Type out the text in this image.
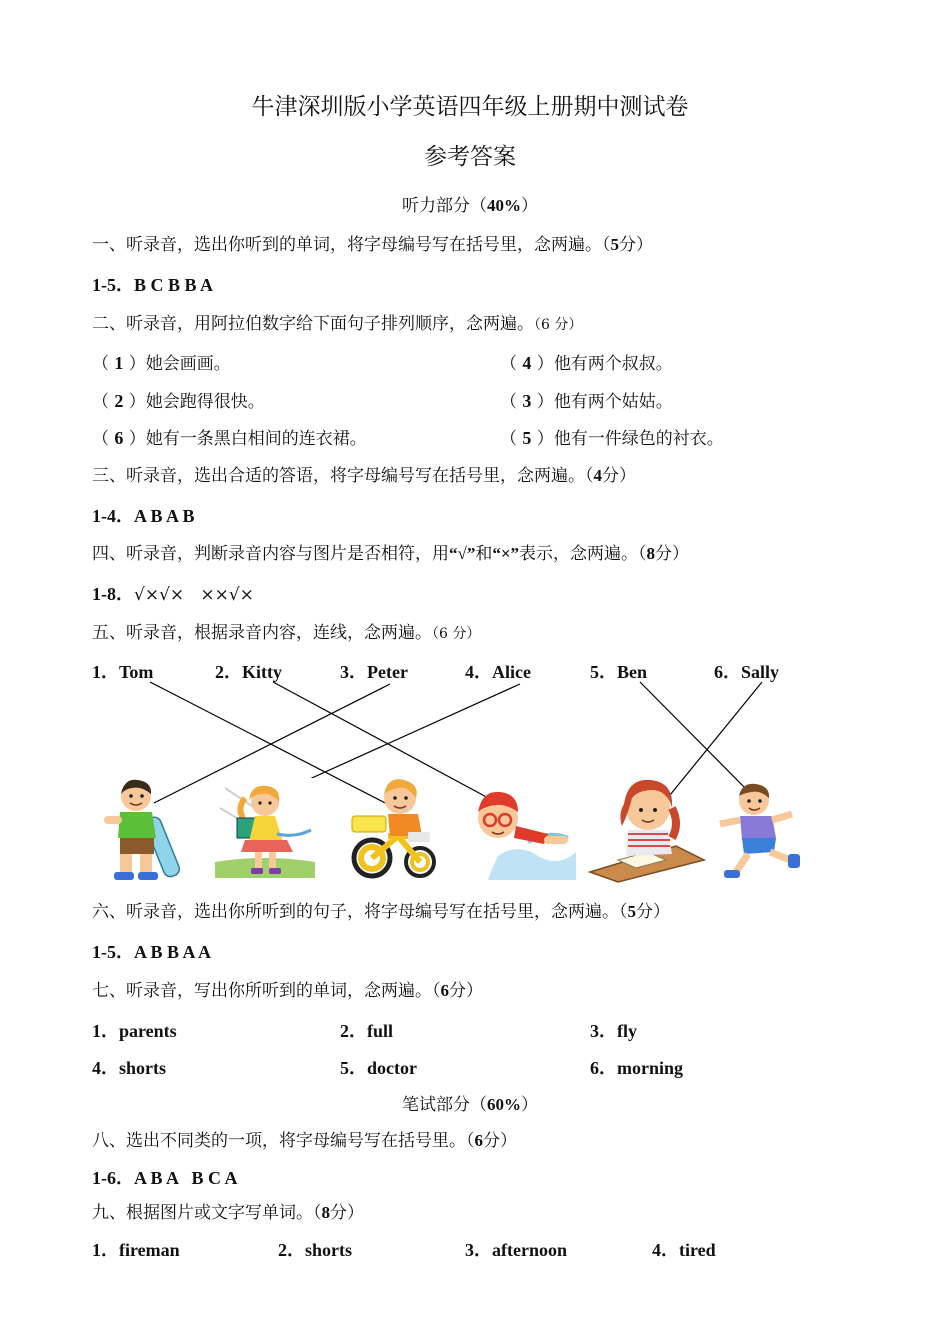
牛津深圳版小学英语四年级上册期中测试卷
参考答案
听力部分（40%）
一、听录音，选出你听到的单词，将字母编号写在括号里，念两遍。（5分）
1-5．B C B B A
二、听录音，用阿拉伯数字给下面句子排列顺序，念两遍。（6 分）
（ 1 ）她会画画。	（ 4 ）他有两个叔叔。
（ 2 ）她会跑得很快。	（ 3 ）他有两个姑姑。
（ 6 ）她有一条黑白相间的连衣裙。	（ 5 ）他有一件绿色的衬衣。
三、听录音，选出合适的答语，将字母编号写在括号里，念两遍。（4分）
1-4．A B A B
四、听录音，判断录音内容与图片是否相符，用“√”和“×”表示，念两遍。（8分）
1-8．√×√×   ××√×
五、听录音，根据录音内容，连线，念两遍。（6 分）
1．Tom	2．Kitty	3．Peter	4．Alice	5．Ben	6．Sally
六、听录音，选出你所听到的句子，将字母编号写在括号里，念两遍。（5分）
1-5．A B B A A
七、听录音，写出你所听到的单词，念两遍。（6分）
1．parents	2．full	3．fly
4．shorts	5．doctor	6．morning
笔试部分（60%）
八、选出不同类的一项，将字母编号写在括号里。（6分）
1-6．A B A   B C A
九、根据图片或文字写单词。（8分）
1．fireman	2．shorts	3．afternoon	4．tired
